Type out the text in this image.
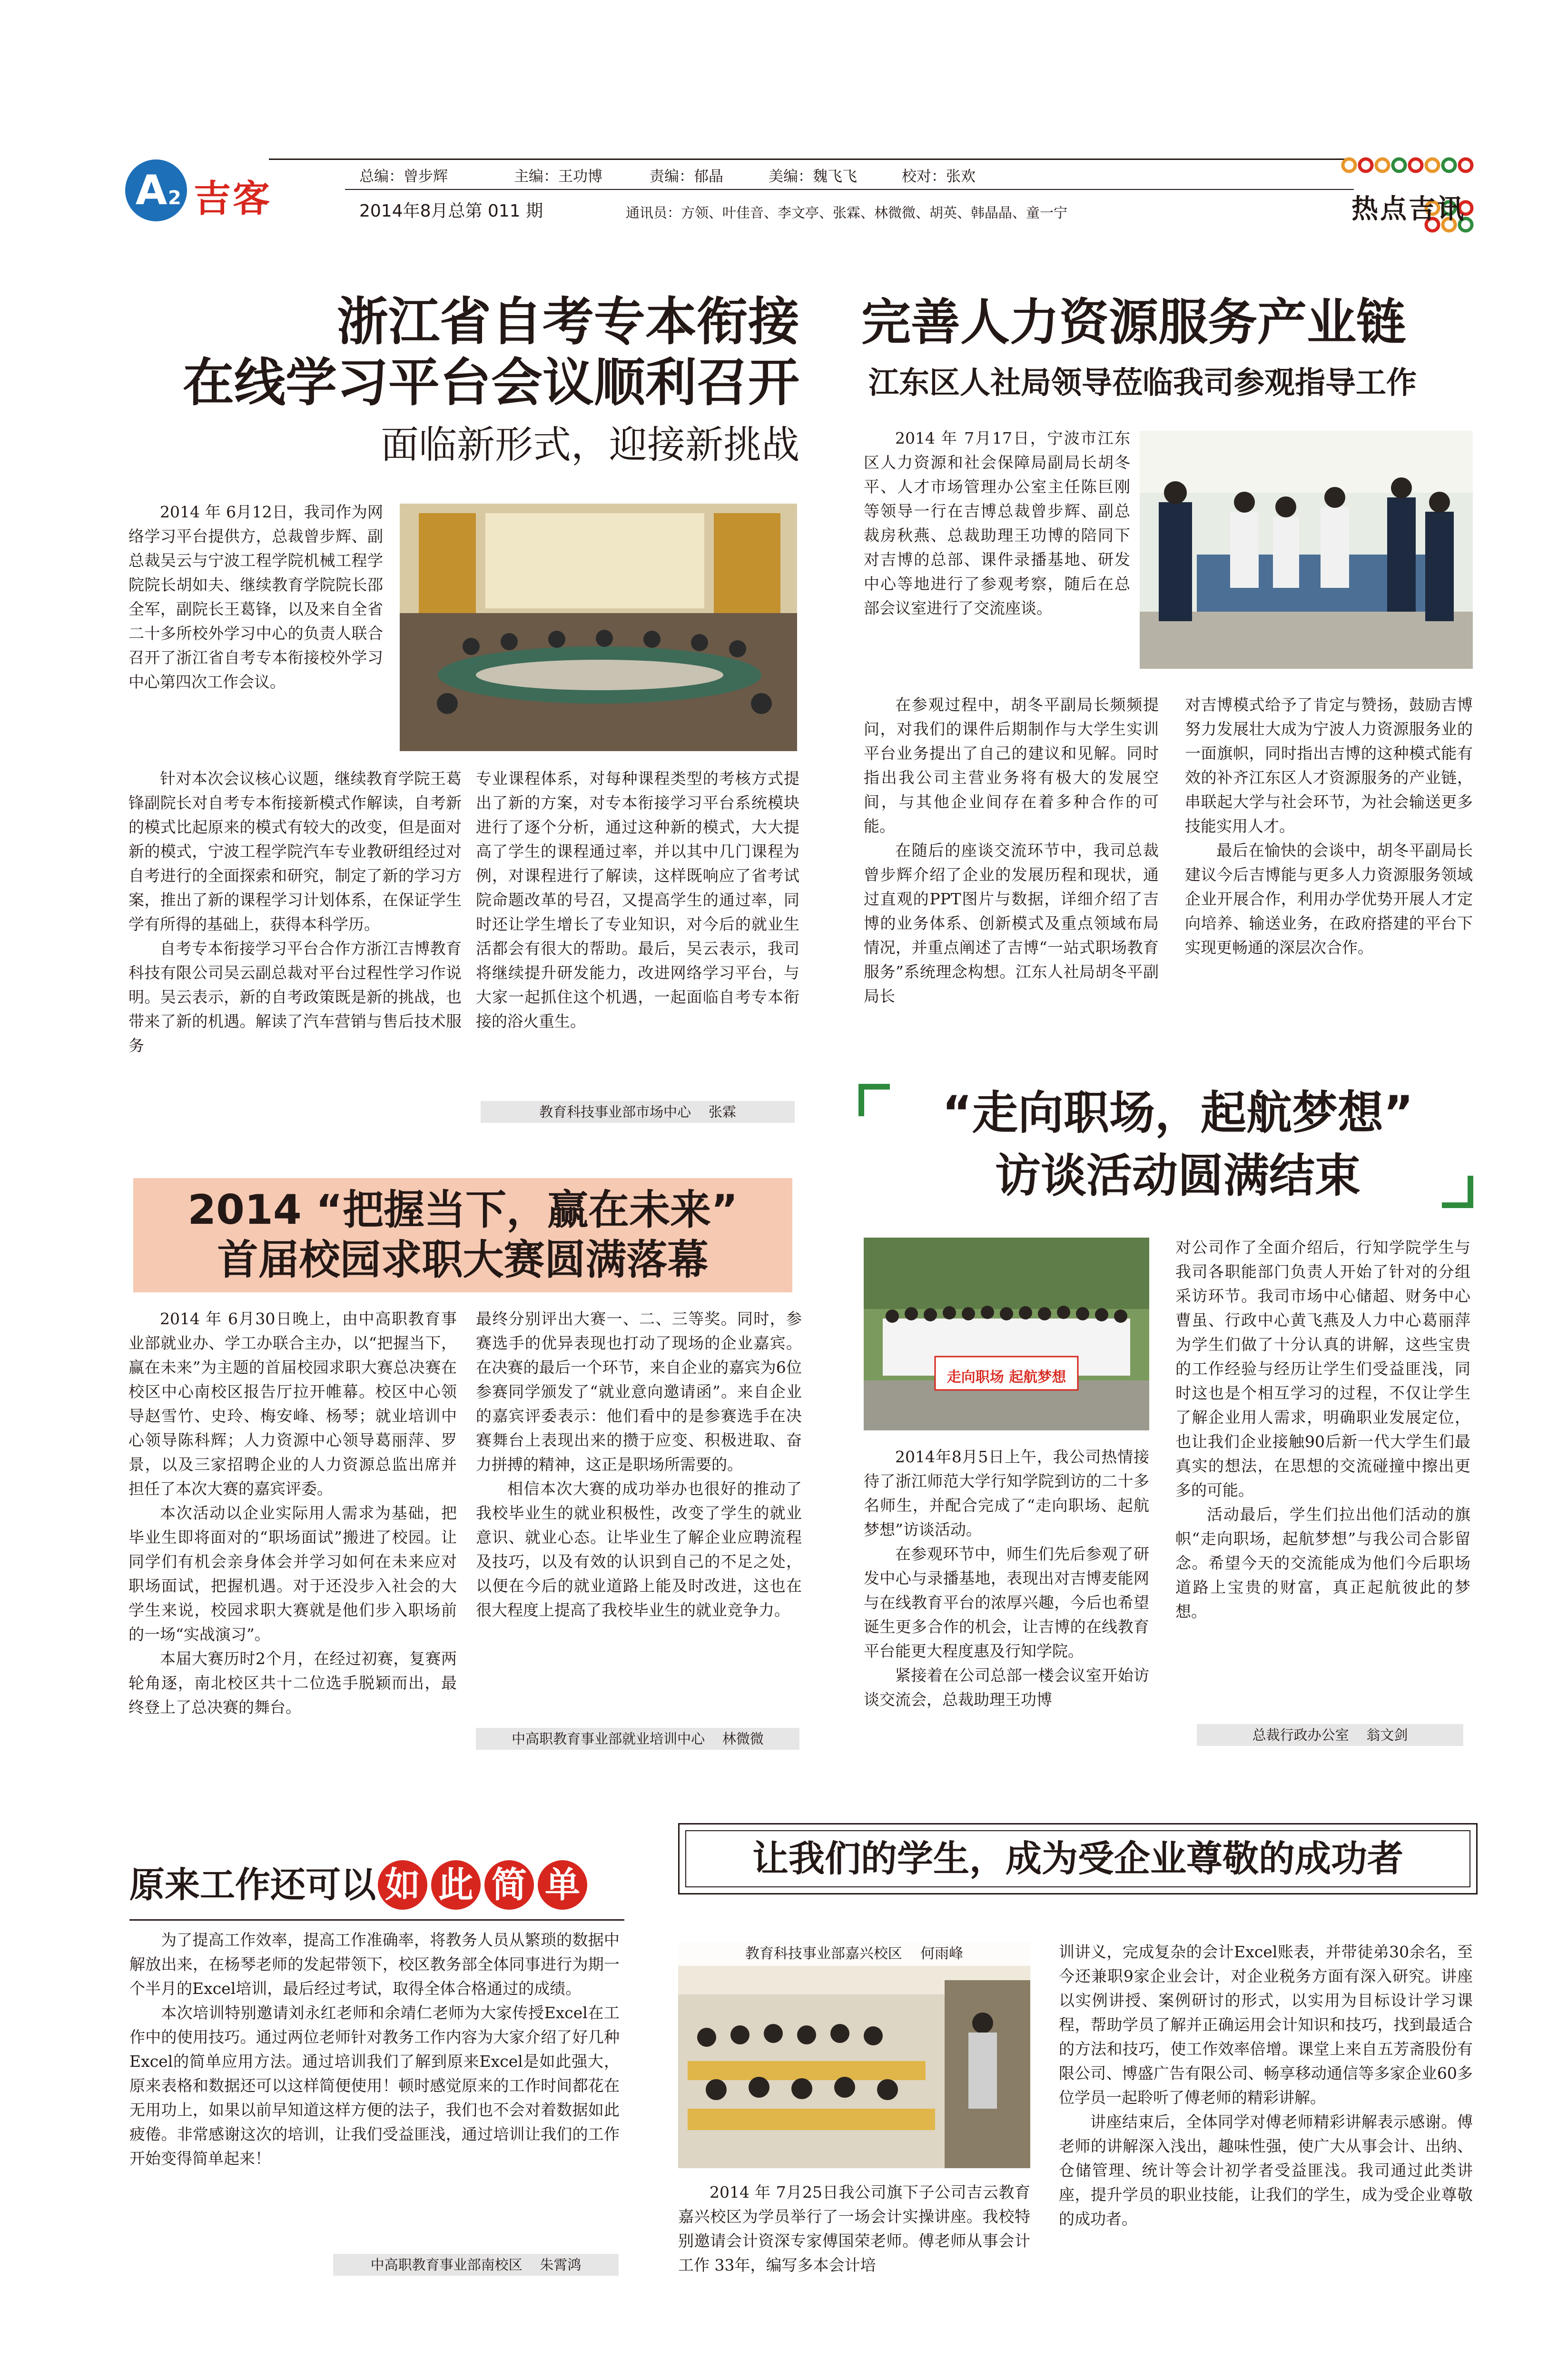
A 2 吉客
总编：曾步辉	主编：王功博	责编：郁晶	美编：魏飞飞	校对：张欢
2014年8月总第 011 期	通讯员：方领、叶佳音、李文亭、张霖、林微微、胡英、韩晶晶、童一宁	热点吉讯
浙江省自考专本衔接
在线学习平台会议顺利召开
面临新形式，迎接新挑战

2014 年 6月12日，我司作为网络学习平台提供方，总裁曾步辉、副总裁吴云与宁波工程学院机械工程学院院长胡如夫、继续教育学院院长邵全军，副院长王葛锋，以及来自全省二十多所校外学习中心的负责人联合召开了浙江省自考专本衔接校外学习中心第四次工作会议。

针对本次会议核心议题，继续教育学院王葛锋副院长对自考专本衔接新模式作解读，自考新的模式比起原来的模式有较大的改变，但是面对新的模式，宁波工程学院汽车专业教研组经过对自考进行的全面探索和研究，制定了新的学习方案，推出了新的课程学习计划体系，在保证学生学有所得的基础上，获得本科学历。

自考专本衔接学习平台合作方浙江吉博教育科技有限公司吴云副总裁对平台过程性学习作说明。吴云表示，新的自考政策既是新的挑战，也带来了新的机遇。解读了汽车营销与售后技术服务

专业课程体系，对每种课程类型的考核方式提出了新的方案，对专本衔接学习平台系统模块进行了逐个分析，通过这种新的模式，大大提高了学生的课程通过率，并以其中几门课程为例，对课程进行了解读，这样既响应了省考试院命题改革的号召，又提高学生的通过率，同时还让学生增长了专业知识，对今后的就业生活都会有很大的帮助。最后，吴云表示，我司将继续提升研发能力，改进网络学习平台，与大家一起抓住这个机遇，一起面临自考专本衔接的浴火重生。

教育科技事业部市场中心    张霖
完善人力资源服务产业链
江东区人社局领导莅临我司参观指导工作

2014 年 7月17日，宁波市江东区人力资源和社会保障局副局长胡冬平、人才市场管理办公室主任陈巨刚等领导一行在吉博总裁曾步辉、副总裁房秋燕、总裁助理王功博的陪同下对吉博的总部、课件录播基地、研发中心等地进行了参观考察，随后在总部会议室进行了交流座谈。

在参观过程中，胡冬平副局长频频提问，对我们的课件后期制作与大学生实训平台业务提出了自己的建议和见解。同时指出我公司主营业务将有极大的发展空间，与其他企业间存在着多种合作的可能。

在随后的座谈交流环节中，我司总裁曾步辉介绍了企业的发展历程和现状，通过直观的PPT图片与数据，详细介绍了吉博的业务体系、创新模式及重点领域布局情况，并重点阐述了吉博“一站式职场教育服务”系统理念构想。江东人社局胡冬平副局长

对吉博模式给予了肯定与赞扬，鼓励吉博努力发展壮大成为宁波人力资源服务业的一面旗帜，同时指出吉博的这种模式能有效的补齐江东区人才资源服务的产业链，串联起大学与社会环节，为社会输送更多技能实用人才。

最后在愉快的会谈中，胡冬平副局长建议今后吉博能与更多人力资源服务领域企业开展合作，利用办学优势开展人才定向培养、输送业务，在政府搭建的平台下实现更畅通的深层次合作。

2014 “把握当下，赢在未来”
首届校园求职大赛圆满落幕

2014 年 6月30日晚上，由中高职教育事业部就业办、学工办联合主办，以“把握当下，赢在未来”为主题的首届校园求职大赛总决赛在校区中心南校区报告厅拉开帷幕。校区中心领导赵雪竹、史玲、梅安峰、杨琴；就业培训中心领导陈科辉；人力资源中心领导葛丽萍、罗景，以及三家招聘企业的人力资源总监出席并担任了本次大赛的嘉宾评委。

本次活动以企业实际用人需求为基础，把毕业生即将面对的“职场面试”搬进了校园。让同学们有机会亲身体会并学习如何在未来应对职场面试，把握机遇。对于还没步入社会的大学生来说，校园求职大赛就是他们步入职场前的一场“实战演习”。

本届大赛历时2个月，在经过初赛，复赛两轮角逐，南北校区共十二位选手脱颖而出，最终登上了总决赛的舞台。

最终分别评出大赛一、二、三等奖。同时，参赛选手的优异表现也打动了现场的企业嘉宾。在决赛的最后一个环节，来自企业的嘉宾为6位参赛同学颁发了“就业意向邀请函”。来自企业的嘉宾评委表示：他们看中的是参赛选手在决赛舞台上表现出来的攒于应变、积极进取、奋力拼搏的精神，这正是职场所需要的。

相信本次大赛的成功举办也很好的推动了我校毕业生的就业积极性，改变了学生的就业意识、就业心态。让毕业生了解企业应聘流程及技巧，以及有效的认识到自己的不足之处，以便在今后的就业道路上能及时改进，这也在很大程度上提高了我校毕业生的就业竞争力。

中高职教育事业部就业培训中心    林微微
“走向职场，起航梦想”
访谈活动圆满结束
走向职场 起航梦想

2014年8月5日上午，我公司热情接待了浙江师范大学行知学院到访的二十多名师生，并配合完成了“走向职场、起航梦想”访谈活动。

在参观环节中，师生们先后参观了研发中心与录播基地，表现出对吉博麦能网与在线教育平台的浓厚兴趣，今后也希望诞生更多合作的机会，让吉博的在线教育平台能更大程度惠及行知学院。

紧接着在公司总部一楼会议室开始访谈交流会，总裁助理王功博

对公司作了全面介绍后，行知学院学生与我司各职能部门负责人开始了针对的分组采访环节。我司市场中心储超、财务中心曹虽、行政中心黄飞燕及人力中心葛丽萍为学生们做了十分认真的讲解，这些宝贵的工作经验与经历让学生们受益匪浅，同时这也是个相互学习的过程，不仅让学生了解企业用人需求，明确职业发展定位，也让我们企业接触90后新一代大学生们最真实的想法，在思想的交流碰撞中擦出更多的可能。

活动最后，学生们拉出他们活动的旗帜“走向职场，起航梦想”与我公司合影留念。希望今天的交流能成为他们今后职场道路上宝贵的财富，真正起航彼此的梦想。

总裁行政办公室    翁文剑
原来工作还可以 如 此 简 单

为了提高工作效率，提高工作准确率，将教务人员从繁琐的数据中解放出来，在杨琴老师的发起带领下，校区教务部全体同事进行为期一个半月的Excel培训，最后经过考试，取得全体合格通过的成绩。

本次培训特别邀请刘永红老师和余靖仁老师为大家传授Excel在工作中的使用技巧。通过两位老师针对教务工作内容为大家介绍了好几种Excel的简单应用方法。通过培训我们了解到原来Excel是如此强大，原来表格和数据还可以这样简便使用！顿时感觉原来的工作时间都花在无用功上，如果以前早知道这样方便的法子，我们也不会对着数据如此疲倦。非常感谢这次的培训，让我们受益匪浅，通过培训让我们的工作开始变得简单起来！

中高职教育事业部南校区    朱霄鸿
让我们的学生，成为受企业尊敬的成功者
教育科技事业部嘉兴校区    何雨峰

2014 年 7月25日我公司旗下子公司吉云教育嘉兴校区为学员举行了一场会计实操讲座。我校特别邀请会计资深专家傅国荣老师。傅老师从事会计工作 33年，编写多本会计培

训讲义，完成复杂的会计Excel账表，并带徒弟30余名，至今还兼职9家企业会计，对企业税务方面有深入研究。讲座以实例讲授、案例研讨的形式，以实用为目标设计学习课程，帮助学员了解并正确运用会计知识和技巧，找到最适合的方法和技巧，使工作效率倍增。课堂上来自五芳斋股份有限公司、博盛广告有限公司、畅享移动通信等多家企业60多位学员一起聆听了傅老师的精彩讲解。

讲座结束后，全体同学对傅老师精彩讲解表示感谢。傅老师的讲解深入浅出，趣味性强，使广大从事会计、出纳、仓储管理、统计等会计初学者受益匪浅。我司通过此类讲座，提升学员的职业技能，让我们的学生，成为受企业尊敬的成功者。
